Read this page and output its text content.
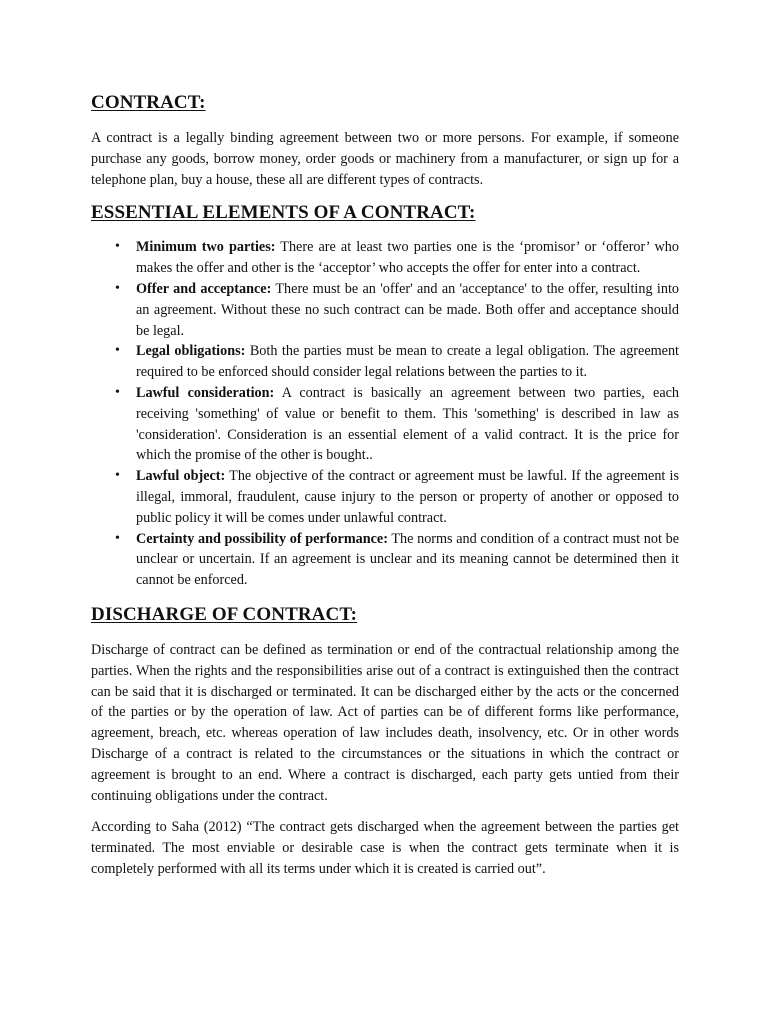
CONTRACT:

A contract is a legally binding agreement between two or more persons. For example, if someone purchase any goods, borrow money, order goods or machinery from a manufacturer, or sign up for a telephone plan, buy a house, these all are different types of contracts.

ESSENTIAL ELEMENTS OF A CONTRACT:
• Minimum two parties: There are at least two parties one is the ‘promisor’ or ‘offeror’ who makes the offer and other is the ‘acceptor’ who accepts the offer for enter into a contract.
• Offer and acceptance: There must be an 'offer' and an 'acceptance' to the offer, resulting into an agreement. Without these no such contract can be made. Both offer and acceptance should be legal.
• Legal obligations: Both the parties must be mean to create a legal obligation. The agreement required to be enforced should consider legal relations between the parties to it.
• Lawful consideration: A contract is basically an agreement between two parties, each receiving 'something' of value or benefit to them. This 'something' is described in law as 'consideration'. Consideration is an essential element of a valid contract. It is the price for which the promise of the other is bought..
• Lawful object: The objective of the contract or agreement must be lawful. If the agreement is illegal, immoral, fraudulent, cause injury to the person or property of another or opposed to public policy it will be comes under unlawful contract.
• Certainty and possibility of performance: The norms and condition of a contract must not be unclear or uncertain. If an agreement is unclear and its meaning cannot be determined then it cannot be enforced.
DISCHARGE OF CONTRACT:

Discharge of contract can be defined as termination or end of the contractual relationship among the parties. When the rights and the responsibilities arise out of a contract is extinguished then the contract can be said that it is discharged or terminated. It can be discharged either by the acts or the concerned of the parties or by the operation of law. Act of parties can be of different forms like performance, agreement, breach, etc. whereas operation of law includes death, insolvency, etc. Or in other words Discharge of a contract is related to the circumstances or the situations in which the contract or agreement is brought to an end. Where a contract is discharged, each party gets untied from their continuing obligations under the contract.

According to Saha (2012) “The contract gets discharged when the agreement between the parties get terminated. The most enviable or desirable case is when the contract gets terminate when it is completely performed with all its terms under which it is created is carried out”.
